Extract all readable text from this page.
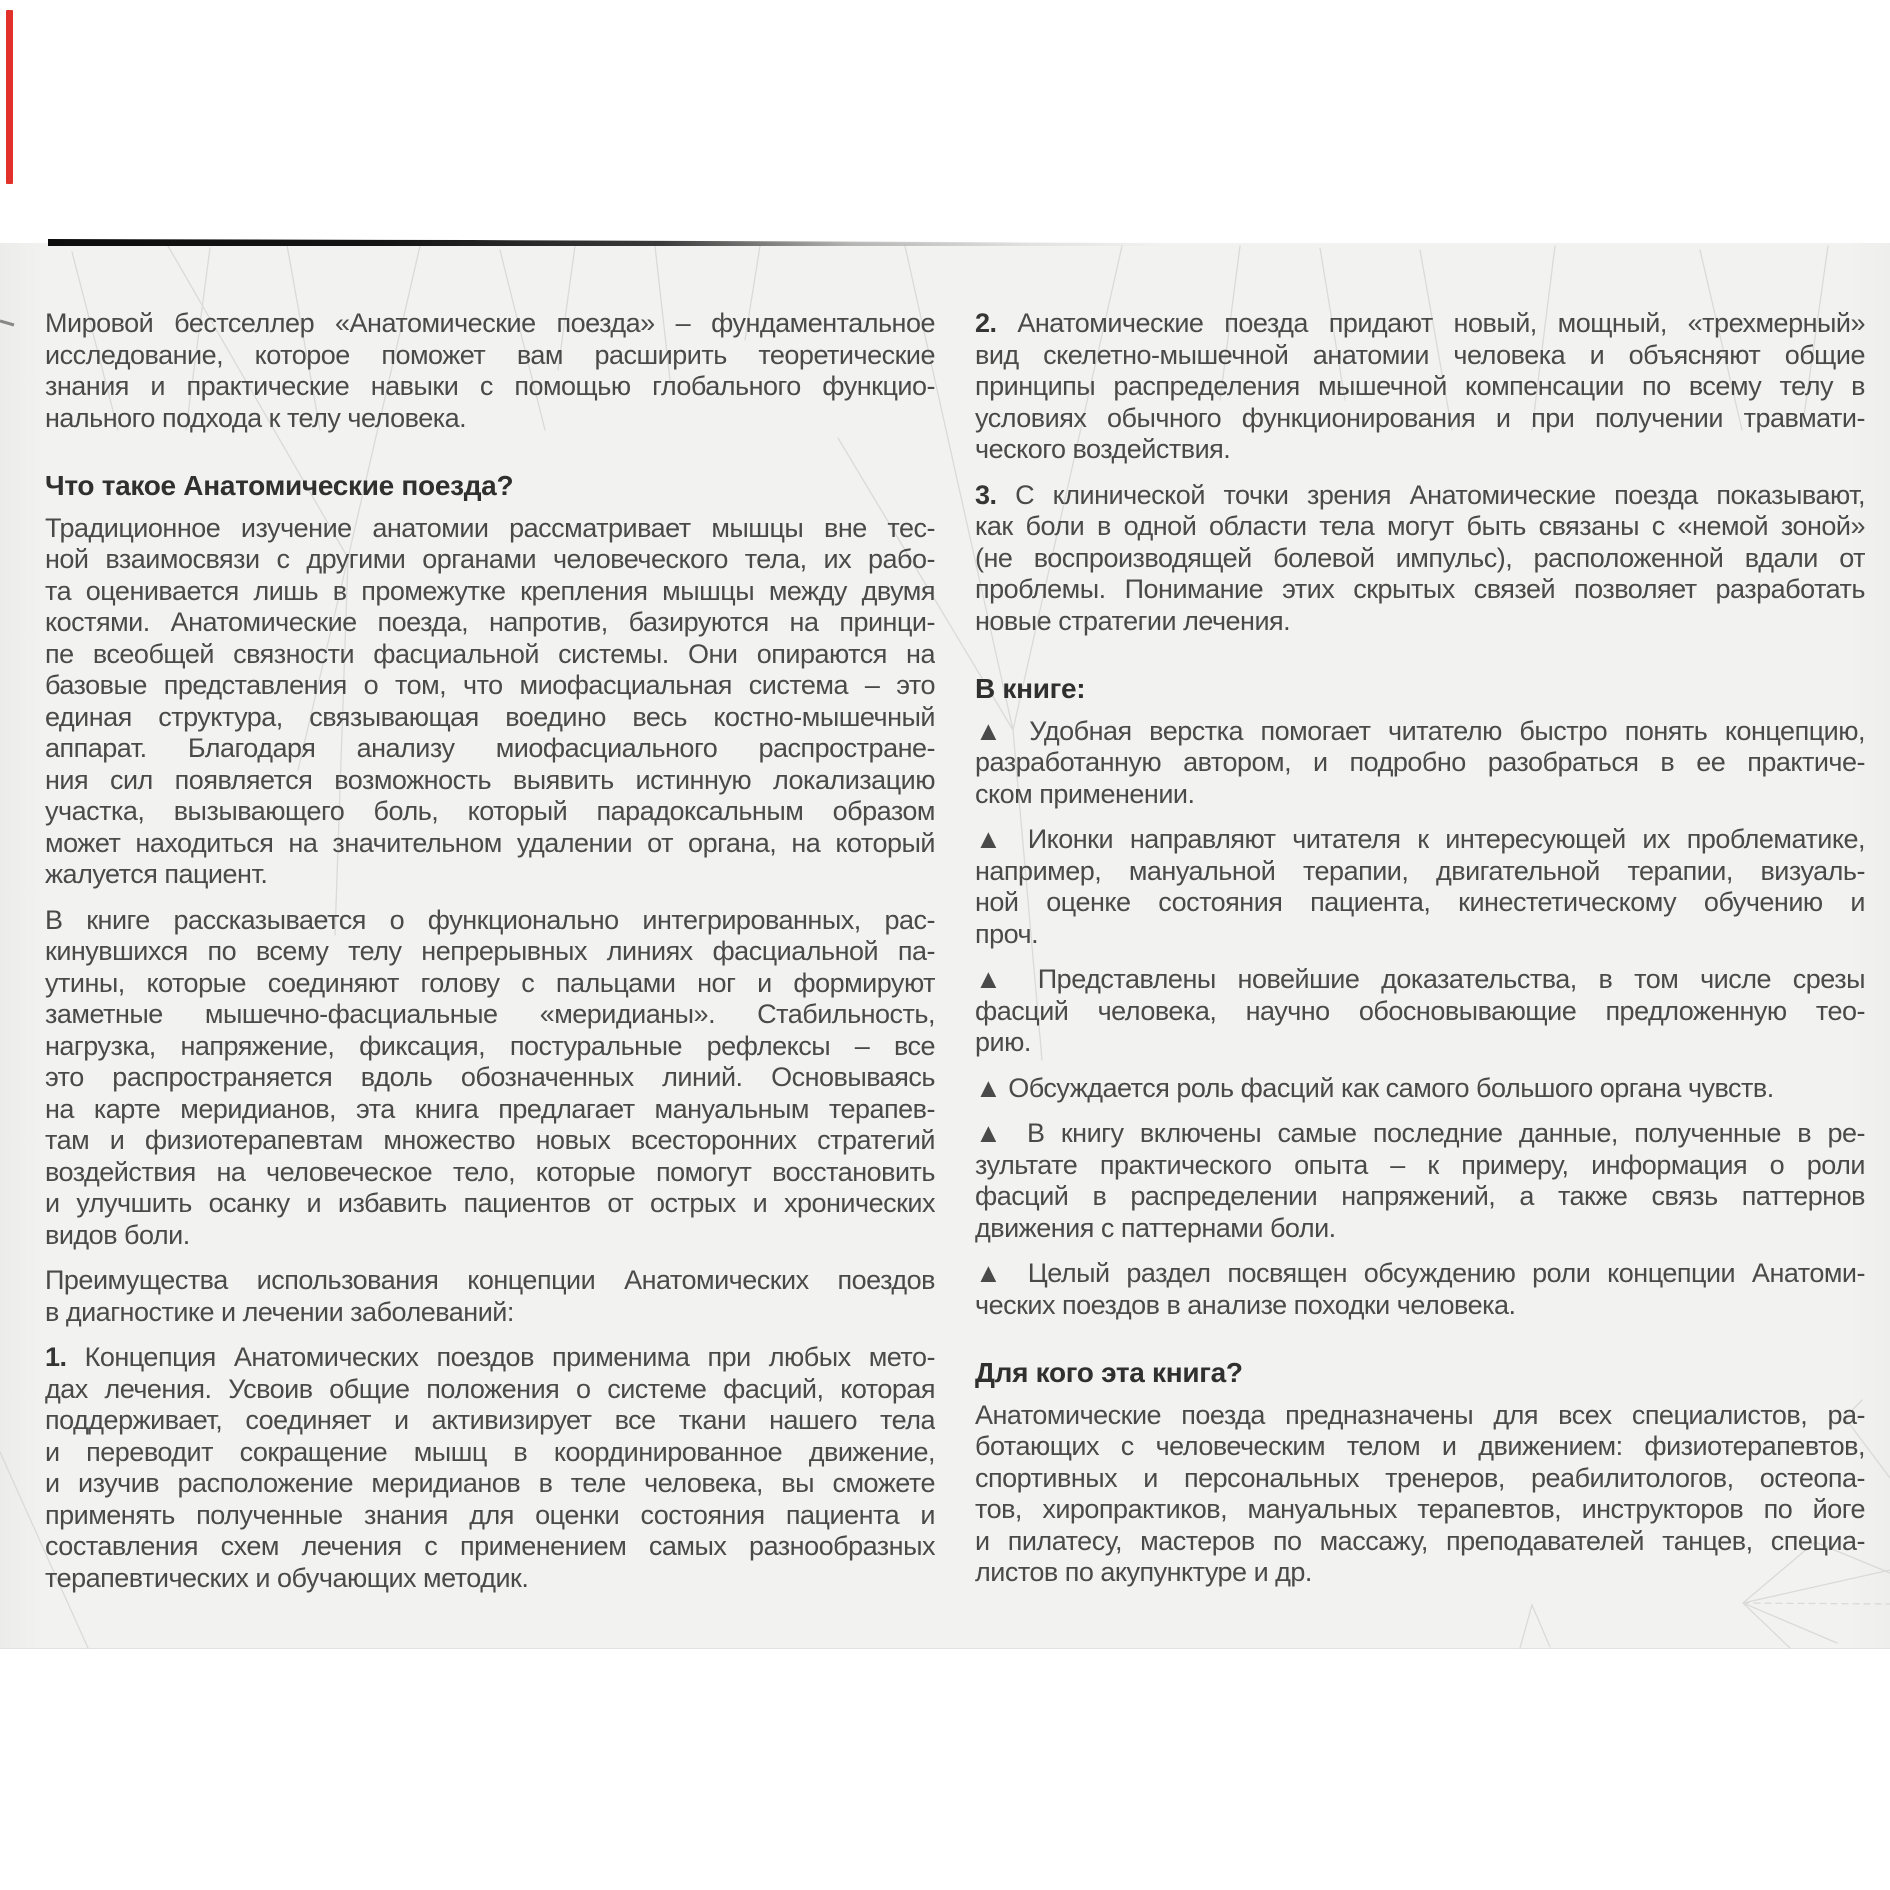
Мировой бестселлер «Анатомические поезда» – фундаментальное
исследование, которое поможет вам расширить теоретические
знания и практические навыки с помощью глобального функцио-
нального подхода к телу человека.
Что такое Анатомические поезда?
Традиционное изучение анатомии рассматривает мышцы вне тес-
ной взаимосвязи с другими органами человеческого тела, их рабо-
та оценивается лишь в промежутке крепления мышцы между двумя
костями. Анатомические поезда, напротив, базируются на принци-
пе всеобщей связности фасциальной системы. Они опираются на
базовые представления о том, что миофасциальная система – это
единая структура, связывающая воедино весь костно-мышечный
аппарат. Благодаря анализу миофасциального распростране-
ния сил появляется возможность выявить истинную локализацию
участка, вызывающего боль, который парадоксальным образом
может находиться на значительном удалении от органа, на который
жалуется пациент.
В книге рассказывается о функционально интегрированных, рас-
кинувшихся по всему телу непрерывных линиях фасциальной па-
утины, которые соединяют голову с пальцами ног и формируют
заметные мышечно-фасциальные «меридианы». Стабильность,
нагрузка, напряжение, фиксация, постуральные рефлексы – все
это распространяется вдоль обозначенных линий. Основываясь
на карте меридианов, эта книга предлагает мануальным терапев-
там и физиотерапевтам множество новых всесторонних стратегий
воздействия на человеческое тело, которые помогут восстановить
и улучшить осанку и избавить пациентов от острых и хронических
видов боли.
Преимущества использования концепции Анатомических поездов
в диагностике и лечении заболеваний:
1. Концепция Анатомических поездов применима при любых мето-
дах лечения. Усвоив общие положения о системе фасций, которая
поддерживает, соединяет и активизирует все ткани нашего тела
и переводит сокращение мышц в координированное движение,
и изучив расположение меридианов в теле человека, вы сможете
применять полученные знания для оценки состояния пациента и
составления схем лечения с применением самых разнообразных
терапевтических и обучающих методик.
2. Анатомические поезда придают новый, мощный, «трехмерный»
вид скелетно-мышечной анатомии человека и объясняют общие
принципы распределения мышечной компенсации по всему телу в
условиях обычного функционирования и при получении травмати-
ческого воздействия.
3. С клинической точки зрения Анатомические поезда показывают,
как боли в одной области тела могут быть связаны с «немой зоной»
(не воспроизводящей болевой импульс), расположенной вдали от
проблемы. Понимание этих скрытых связей позволяет разработать
новые стратегии лечения.
В книге:
▲ Удобная верстка помогает читателю быстро понять концепцию,
разработанную автором, и подробно разобраться в ее практиче-
ском применении.
▲ Иконки направляют читателя к интересующей их проблематике,
например, мануальной терапии, двигательной терапии, визуаль-
ной оценке состояния пациента, кинестетическому обучению и
проч.
▲ Представлены новейшие доказательства, в том числе срезы
фасций человека, научно обосновывающие предложенную тео-
рию.
▲ Обсуждается роль фасций как самого большого органа чувств.
▲ В книгу включены самые последние данные, полученные в ре-
зультате практического опыта – к примеру, информация о роли
фасций в распределении напряжений, а также связь паттернов
движения с паттернами боли.
▲ Целый раздел посвящен обсуждению роли концепции Анатоми-
ческих поездов в анализе походки человека.
Для кого эта книга?
Анатомические поезда предназначены для всех специалистов, ра-
ботающих с человеческим телом и движением: физиотерапевтов,
спортивных и персональных тренеров, реабилитологов, остеопа-
тов, хиропрактиков, мануальных терапевтов, инструкторов по йоге
и пилатесу, мастеров по массажу, преподавателей танцев, специа-
листов по акупунктуре и др.
